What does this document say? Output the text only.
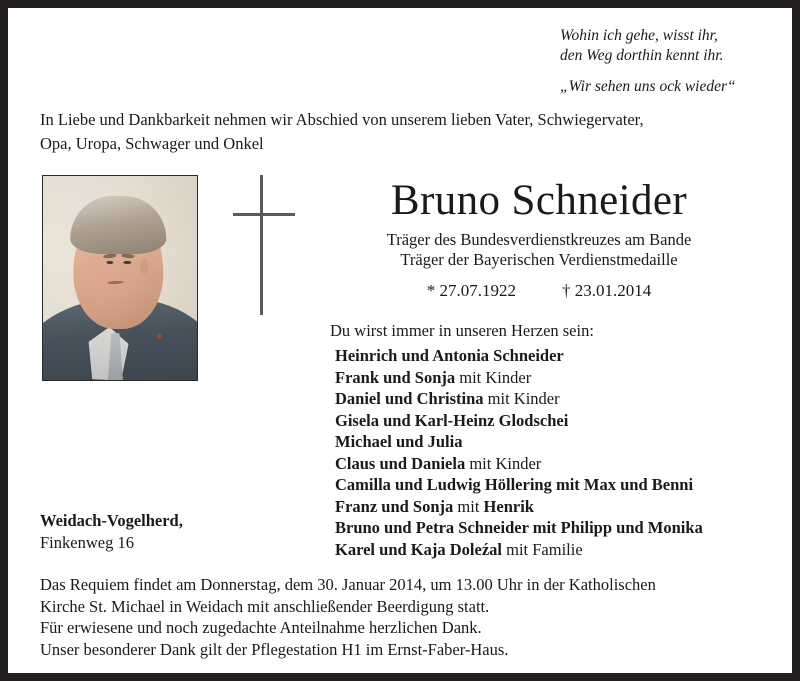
Wohin ich gehe, wisst ihr,
den Weg dorthin kennt ihr.
„Wir sehen uns ock wieder“
In Liebe und Dankbarkeit nehmen wir Abschied von unserem lieben Vater, Schwiegervater,
Opa, Uropa, Schwager und Onkel
Bruno Schneider
Träger des Bundesverdienstkreuzes am Bande
Träger der Bayerischen Verdienstmedaille
* 27.07.1922	† 23.01.2014
Du wirst immer in unseren Herzen sein:
Heinrich und Antonia Schneider
Frank und Sonja mit Kinder
Daniel und Christina mit Kinder
Gisela und Karl-Heinz Glodschei
Michael und Julia
Claus und Daniela mit Kinder
Camilla und Ludwig Höllering mit Max und Benni
Franz und Sonja mit Henrik
Bruno und Petra Schneider mit Philipp und Monika
Karel und Kaja Doleźal mit Familie
Weidach-Vogelherd,
Finkenweg 16
Das Requiem findet am Donnerstag, dem 30. Januar 2014, um 13.00 Uhr in der Katholischen
Kirche St. Michael in Weidach mit anschließender Beerdigung statt.
Für erwiesene und noch zugedachte Anteilnahme herzlichen Dank.
Unser besonderer Dank gilt der Pflegestation H1 im Ernst-Faber-Haus.
